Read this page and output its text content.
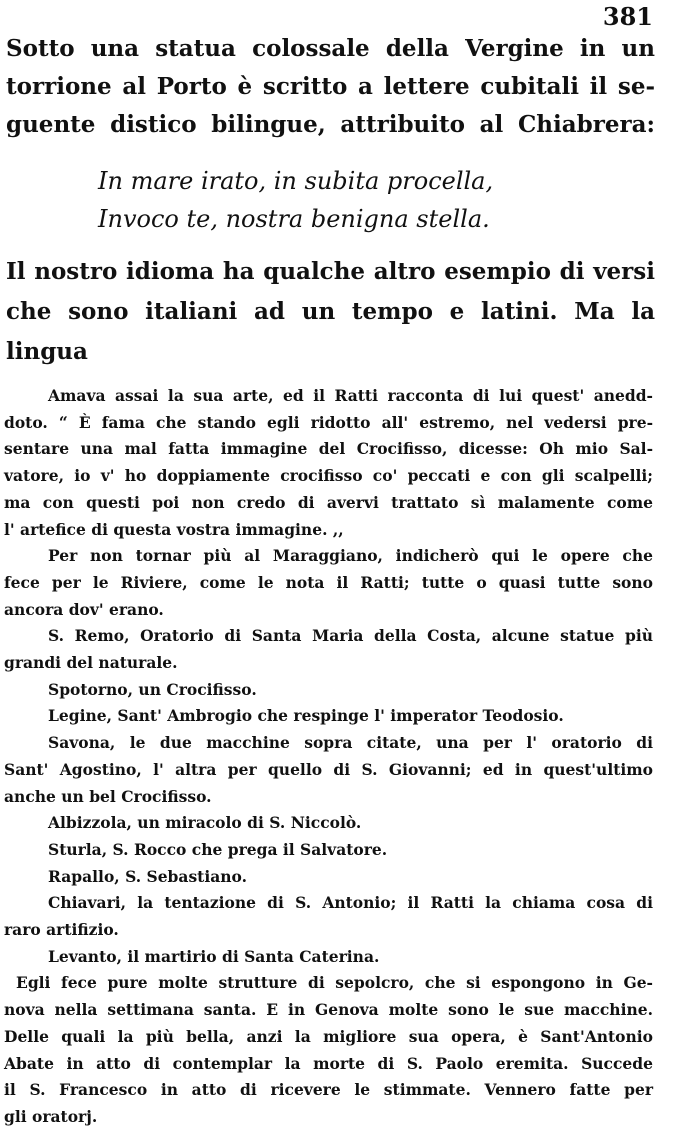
381
Sotto una statua colossale della Vergine in un
torrione al Porto è scritto a lettere cubitali il se-
guente distico bilingue, attribuito al Chiabrera:
In mare irato, in subita procella,
Invoco te, nostra benigna stella.
Il nostro idioma ha qualche altro esempio di versi
che sono italiani ad un tempo e latini. Ma la lingua
Amava assai la sua arte, ed il Ratti racconta di lui quest' anedd-
doto. “ È fama che stando egli ridotto all' estremo, nel vedersi pre-
sentare una mal fatta immagine del Crocifisso, dicesse: Oh mio Sal-
vatore, io v' ho doppiamente crocifisso co' peccati e con gli scalpelli;
ma con questi poi non credo di avervi trattato sì malamente come
l' artefice di questa vostra immagine. ,,
Per non tornar più al Maraggiano, indicherò qui le opere che
fece per le Riviere, come le nota il Ratti; tutte o quasi tutte sono
ancora dov' erano.
S. Remo, Oratorio di Santa Maria della Costa, alcune statue più
grandi del naturale.
Spotorno, un Crocifisso.
Legine, Sant' Ambrogio che respinge l' imperator Teodosio.
Savona, le due macchine sopra citate, una per l' oratorio di
Sant' Agostino, l' altra per quello di S. Giovanni; ed in quest'ultimo
anche un bel Crocifisso.
Albizzola, un miracolo di S. Niccolò.
Sturla, S. Rocco che prega il Salvatore.
Rapallo, S. Sebastiano.
Chiavari, la tentazione di S. Antonio; il Ratti la chiama cosa di
raro artifizio.
Levanto, il martirio di Santa Caterina.
Egli fece pure molte strutture di sepolcro, che si espongono in Ge-
nova nella settimana santa. E in Genova molte sono le sue macchine.
Delle quali la più bella, anzi la migliore sua opera, è Sant'Antonio
Abate in atto di contemplar la morte di S. Paolo eremita. Succede
il S. Francesco in atto di ricevere le stimmate. Vennero fatte per
gli oratorj.
